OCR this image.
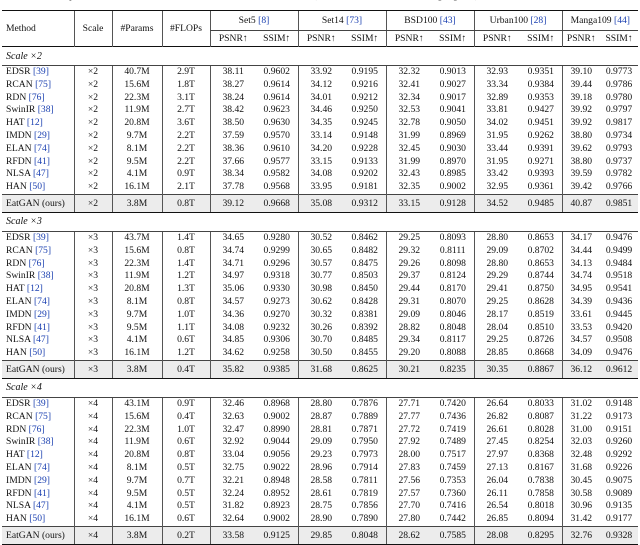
Method	Scale	#Params	#FLOPs	Set5 [8]		Set14 [73]		BSD100 [43]		Urban100 [28]		Manga109 [44]	
				PSNR↑	SSIM↑	PSNR↑	SSIM↑	PSNR↑	SSIM↑	PSNR↑	SSIM↑	PSNR↑	SSIM↑
Scale ×2													
EDSR [39]	×2	40.7M	2.9T	38.11	0.9602	33.92	0.9195	32.32	0.9013	32.93	0.9351	39.10	0.9773
RCAN [75]	×2	15.6M	1.8T	38.27	0.9614	34.12	0.9216	32.41	0.9027	33.34	0.9384	39.44	0.9786
RDN [76]	×2	22.3M	3.1T	38.24	0.9614	34.01	0.9212	32.34	0.9017	32.89	0.9353	39.18	0.9780
SwinIR [38]	×2	11.9M	2.7T	38.42	0.9623	34.46	0.9250	32.53	0.9041	33.81	0.9427	39.92	0.9797
HAT [12]	×2	20.8M	3.6T	38.50	0.9630	34.35	0.9245	32.78	0.9050	34.02	0.9451	39.92	0.9817
IMDN [29]	×2	9.7M	2.2T	37.59	0.9570	33.14	0.9148	31.99	0.8969	31.95	0.9262	38.80	0.9734
ELAN [74]	×2	8.1M	2.2T	38.36	0.9610	34.20	0.9228	32.45	0.9030	33.44	0.9391	39.62	0.9793
RFDN [41]	×2	9.5M	2.2T	37.66	0.9577	33.15	0.9133	31.99	0.8970	31.95	0.9271	38.80	0.9737
NLSA [47]	×2	4.1M	0.9T	38.34	0.9582	34.08	0.9202	32.43	0.8985	33.42	0.9393	39.59	0.9782
HAN [50]	×2	16.1M	2.1T	37.78	0.9568	33.95	0.9181	32.35	0.9002	32.95	0.9361	39.42	0.9766
EatGAN (ours)	×2	3.8M	0.8T	39.12	0.9668	35.08	0.9312	33.15	0.9128	34.52	0.9485	40.87	0.9851
Scale ×3													
EDSR [39]	×3	43.7M	1.4T	34.65	0.9280	30.52	0.8462	29.25	0.8093	28.80	0.8653	34.17	0.9476
RCAN [75]	×3	15.6M	0.8T	34.74	0.9299	30.65	0.8482	29.32	0.8111	29.09	0.8702	34.44	0.9499
RDN [76]	×3	22.3M	1.4T	34.71	0.9296	30.57	0.8475	29.26	0.8098	28.80	0.8653	34.13	0.9484
SwinIR [38]	×3	11.9M	1.2T	34.97	0.9318	30.77	0.8503	29.37	0.8124	29.29	0.8744	34.74	0.9518
HAT [12]	×3	20.8M	1.3T	35.06	0.9330	30.98	0.8450	29.44	0.8170	29.41	0.8750	34.95	0.9541
ELAN [74]	×3	8.1M	0.8T	34.57	0.9273	30.62	0.8428	29.31	0.8070	29.25	0.8628	34.39	0.9436
IMDN [29]	×3	9.7M	1.0T	34.36	0.9270	30.32	0.8381	29.09	0.8046	28.17	0.8519	33.61	0.9445
RFDN [41]	×3	9.5M	1.1T	34.08	0.9232	30.26	0.8392	28.82	0.8048	28.04	0.8510	33.53	0.9420
NLSA [47]	×3	4.1M	0.6T	34.85	0.9306	30.70	0.8485	29.34	0.8117	29.25	0.8726	34.57	0.9508
HAN [50]	×3	16.1M	1.2T	34.62	0.9258	30.50	0.8455	29.20	0.8088	28.85	0.8668	34.09	0.9476
EatGAN (ours)	×3	3.8M	0.4T	35.82	0.9385	31.68	0.8625	30.21	0.8235	30.35	0.8867	36.12	0.9612
Scale ×4													
EDSR [39]	×4	43.1M	0.9T	32.46	0.8968	28.80	0.7876	27.71	0.7420	26.64	0.8033	31.02	0.9148
RCAN [75]	×4	15.6M	0.4T	32.63	0.9002	28.87	0.7889	27.77	0.7436	26.82	0.8087	31.22	0.9173
RDN [76]	×4	22.3M	1.0T	32.47	0.8990	28.81	0.7871	27.72	0.7419	26.61	0.8028	31.00	0.9151
SwinIR [38]	×4	11.9M	0.6T	32.92	0.9044	29.09	0.7950	27.92	0.7489	27.45	0.8254	32.03	0.9260
HAT [12]	×4	20.8M	0.8T	33.04	0.9056	29.23	0.7973	28.00	0.7517	27.97	0.8368	32.48	0.9292
ELAN [74]	×4	8.1M	0.5T	32.75	0.9022	28.96	0.7914	27.83	0.7459	27.13	0.8167	31.68	0.9226
IMDN [29]	×4	9.7M	0.7T	32.21	0.8948	28.58	0.7811	27.56	0.7353	26.04	0.7838	30.45	0.9075
RFDN [41]	×4	9.5M	0.5T	32.24	0.8952	28.61	0.7819	27.57	0.7360	26.11	0.7858	30.58	0.9089
NLSA [47]	×4	4.1M	0.5T	31.82	0.8923	28.75	0.7856	27.70	0.7416	26.54	0.8018	30.96	0.9135
HAN [50]	×4	16.1M	0.6T	32.64	0.9002	28.90	0.7890	27.80	0.7442	26.85	0.8094	31.42	0.9177
EatGAN (ours)	×4	3.8M	0.2T	33.58	0.9125	29.85	0.8048	28.62	0.7585	28.08	0.8295	32.76	0.9328
